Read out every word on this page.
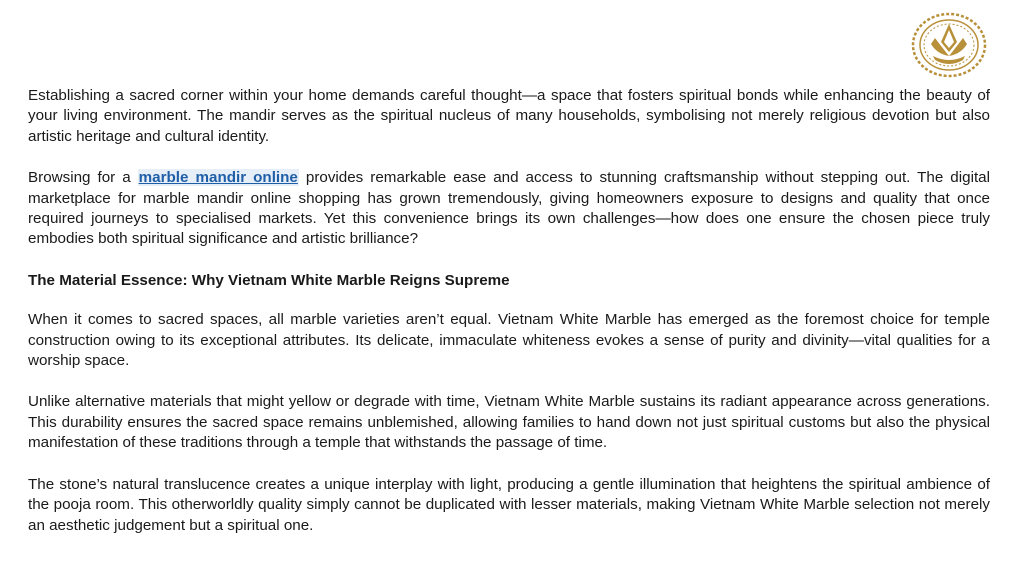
Establishing a sacred corner within your home demands careful thought—a space that fosters spiritual bonds while enhancing the beauty of your living environment. The mandir serves as the spiritual nucleus of many households, symbolising not merely religious devotion but also artistic heritage and cultural identity.

Browsing for a marble mandir online provides remarkable ease and access to stunning craftsmanship without stepping out. The digital marketplace for marble mandir online shopping has grown tremendously, giving homeowners exposure to designs and quality that once required journeys to specialised markets. Yet this convenience brings its own challenges—how does one ensure the chosen piece truly embodies both spiritual significance and artistic brilliance?

The Material Essence: Why Vietnam White Marble Reigns Supreme

When it comes to sacred spaces, all marble varieties aren’t equal. Vietnam White Marble has emerged as the foremost choice for temple construction owing to its exceptional attributes. Its delicate, immaculate whiteness evokes a sense of purity and divinity—vital qualities for a worship space.

Unlike alternative materials that might yellow or degrade with time, Vietnam White Marble sustains its radiant appearance across generations. This durability ensures the sacred space remains unblemished, allowing families to hand down not just spiritual customs but also the physical manifestation of these traditions through a temple that withstands the passage of time.

The stone’s natural translucence creates a unique interplay with light, producing a gentle illumination that heightens the spiritual ambience of the pooja room. This otherworldly quality simply cannot be duplicated with lesser materials, making Vietnam White Marble selection not merely an aesthetic judgement but a spiritual one.
